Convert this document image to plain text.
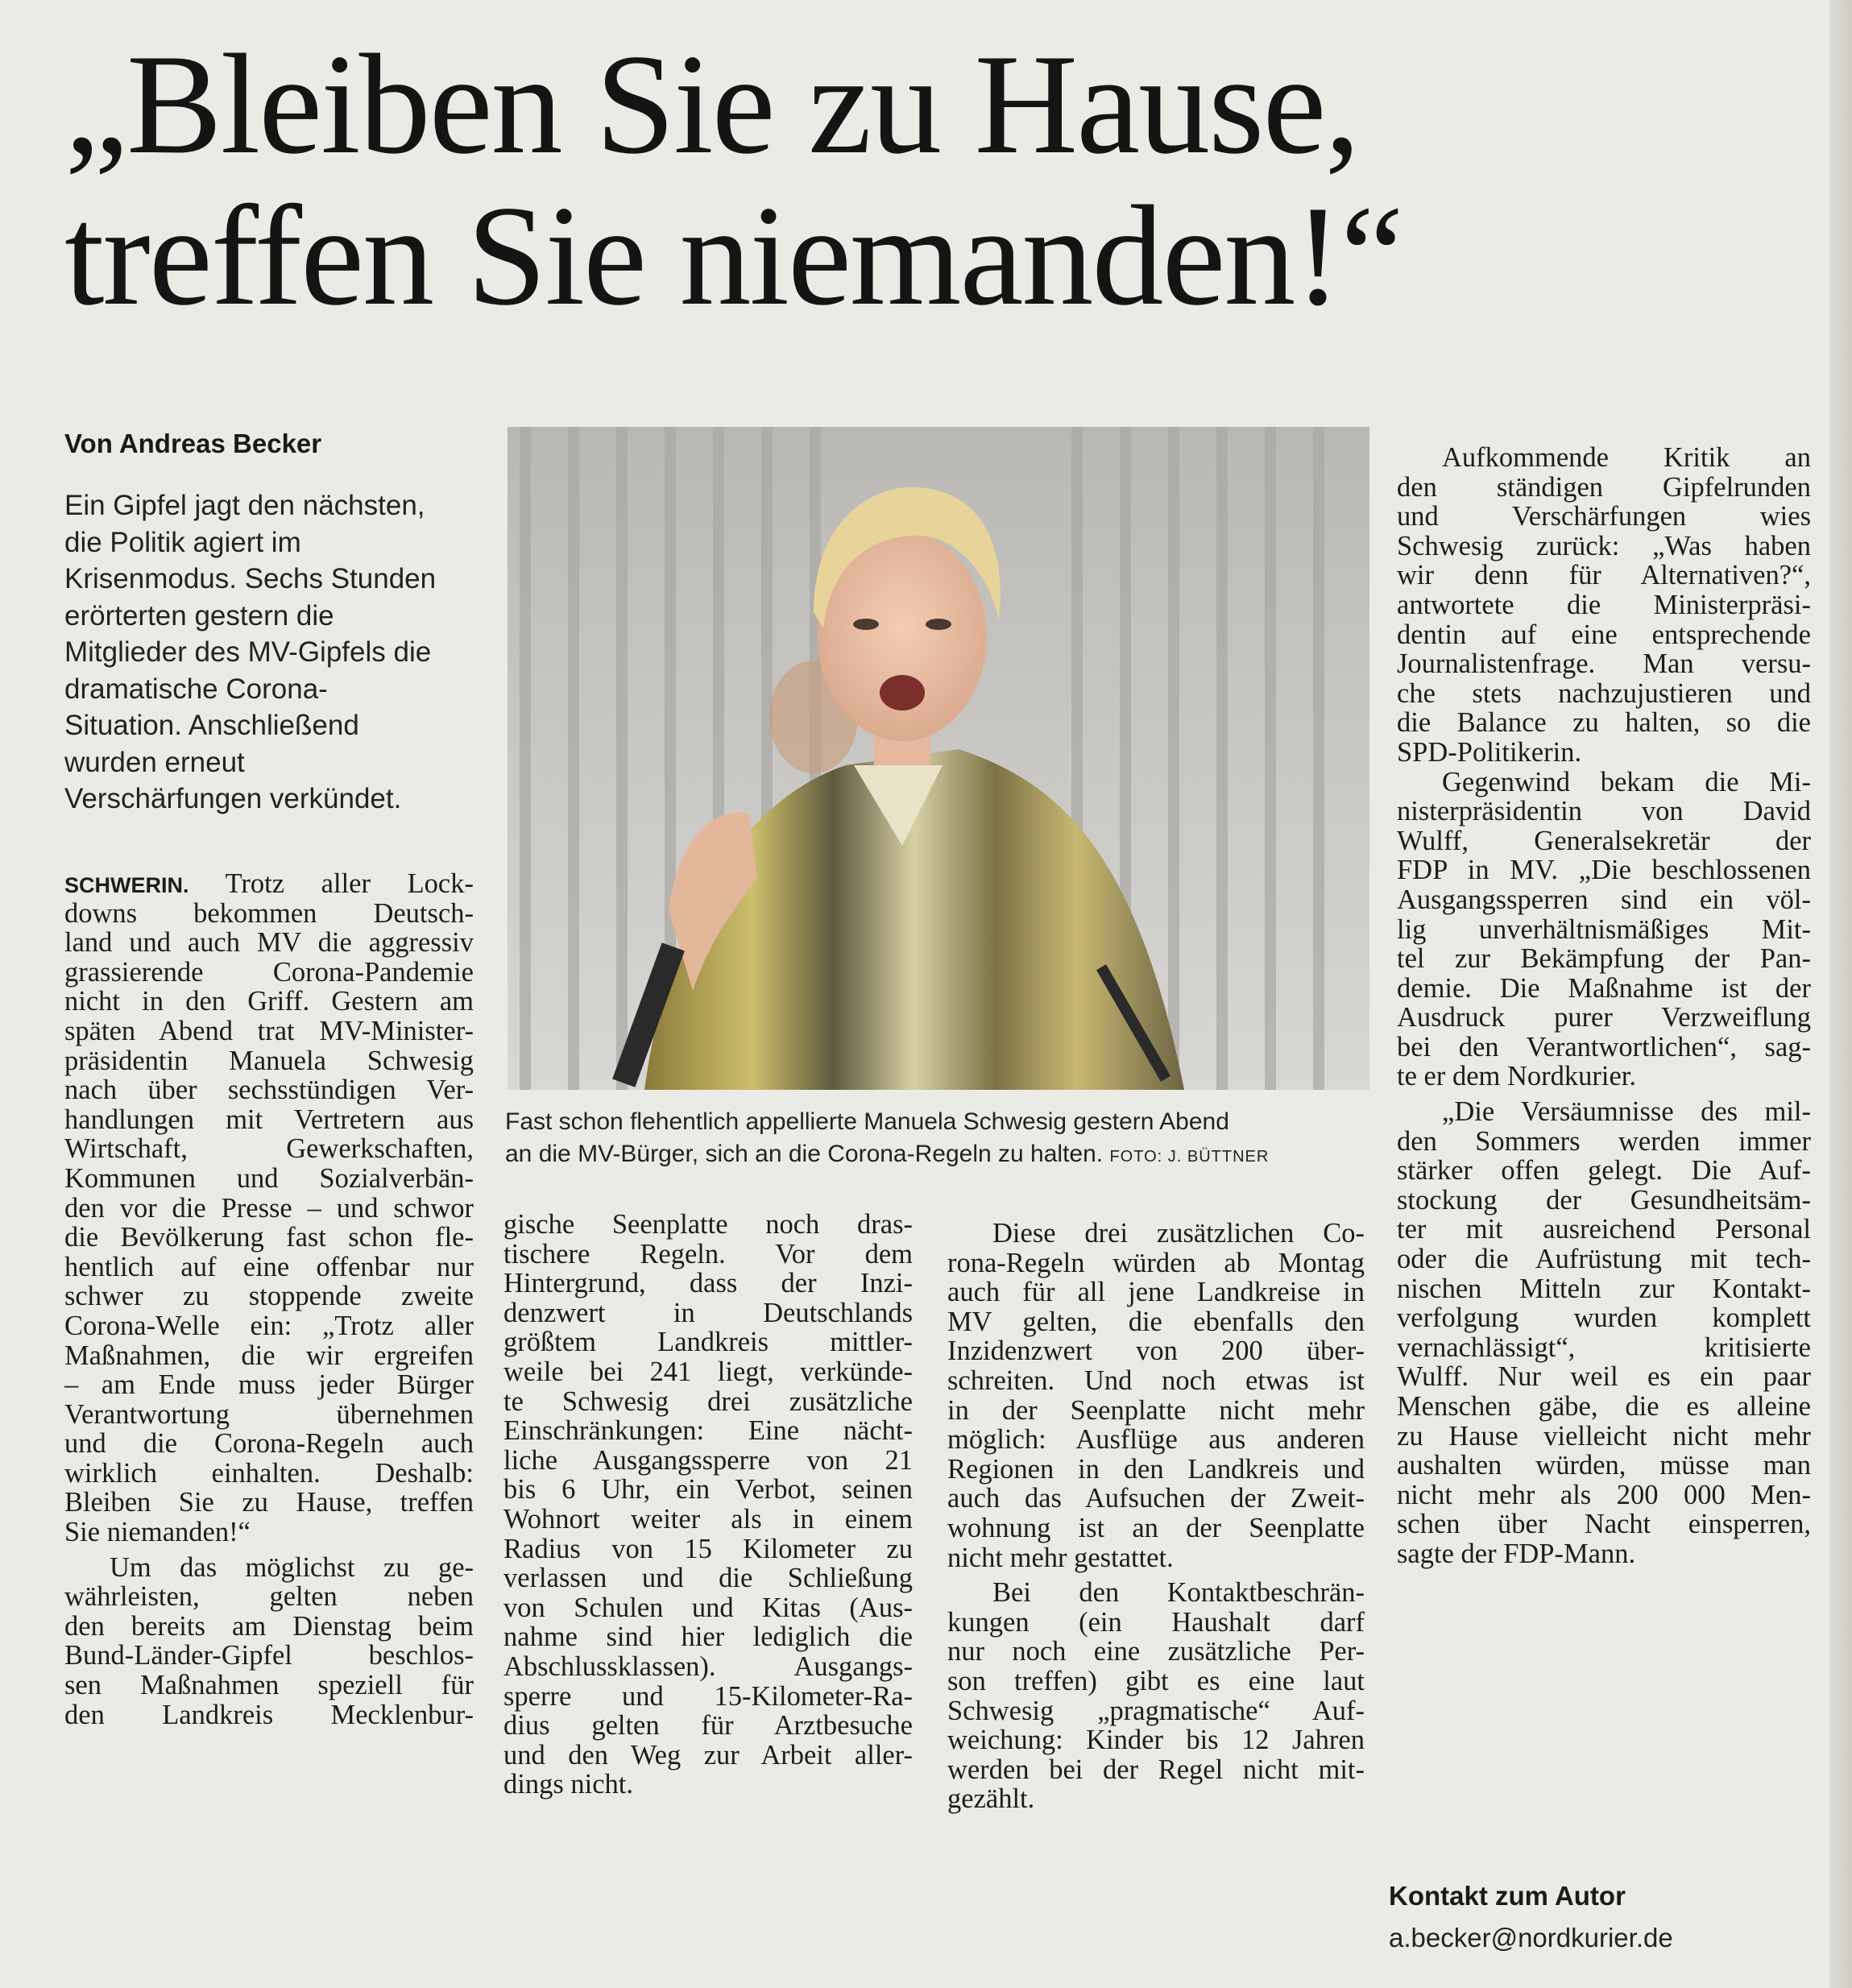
„Bleiben Sie zu Hause,
treffen Sie niemanden!“
Von Andreas Becker
Ein Gipfel jagt den nächsten,
die Politik agiert im
Krisenmodus. Sechs Stunden
erörterten gestern die
Mitglieder des MV-Gipfels die
dramatische Corona-
Situation. Anschließend
wurden erneut
Verschärfungen verkündet.
Fast schon flehentlich appellierte Manuela Schwesig gestern Abend
an die MV-Bürger, sich an die Corona-Regeln zu halten. FOTO: J. BÜTTNER
SCHWERIN. Trotz aller Lock-
downs bekommen Deutsch-
land und auch MV die aggressiv
grassierende Corona-Pandemie
nicht in den Griff. Gestern am
späten Abend trat MV-Minister-
präsidentin Manuela Schwesig
nach über sechsstündigen Ver-
handlungen mit Vertretern aus
Wirtschaft, Gewerkschaften,
Kommunen und Sozialverbän-
den vor die Presse – und schwor
die Bevölkerung fast schon fle-
hentlich auf eine offenbar nur
schwer zu stoppende zweite
Corona-Welle ein: „Trotz aller
Maßnahmen, die wir ergreifen
– am Ende muss jeder Bürger
Verantwortung übernehmen
und die Corona-Regeln auch
wirklich einhalten. Deshalb:
Bleiben Sie zu Hause, treffen
Sie niemanden!“
Um das möglichst zu ge-
währleisten, gelten neben
den bereits am Dienstag beim
Bund-Länder-Gipfel beschlos-
sen Maßnahmen speziell für
den Landkreis Mecklenbur-
gische Seenplatte noch dras-
tischere Regeln. Vor dem
Hintergrund, dass der Inzi-
denzwert in Deutschlands
größtem Landkreis mittler-
weile bei 241 liegt, verkünde-
te Schwesig drei zusätzliche
Einschränkungen: Eine nächt-
liche Ausgangssperre von 21
bis 6 Uhr, ein Verbot, seinen
Wohnort weiter als in einem
Radius von 15 Kilometer zu
verlassen und die Schließung
von Schulen und Kitas (Aus-
nahme sind hier lediglich die
Abschlussklassen). Ausgangs-
sperre und 15-Kilometer-Ra-
dius gelten für Arztbesuche
und den Weg zur Arbeit aller-
dings nicht.
Diese drei zusätzlichen Co-
rona-Regeln würden ab Montag
auch für all jene Landkreise in
MV gelten, die ebenfalls den
Inzidenzwert von 200 über-
schreiten. Und noch etwas ist
in der Seenplatte nicht mehr
möglich: Ausflüge aus anderen
Regionen in den Landkreis und
auch das Aufsuchen der Zweit-
wohnung ist an der Seenplatte
nicht mehr gestattet.
Bei den Kontaktbeschrän-
kungen (ein Haushalt darf
nur noch eine zusätzliche Per-
son treffen) gibt es eine laut
Schwesig „pragmatische“ Auf-
weichung: Kinder bis 12 Jahren
werden bei der Regel nicht mit-
gezählt.
Aufkommende Kritik an
den ständigen Gipfelrunden
und Verschärfungen wies
Schwesig zurück: „Was haben
wir denn für Alternativen?“,
antwortete die Ministerpräsi-
dentin auf eine entsprechende
Journalistenfrage. Man versu-
che stets nachzujustieren und
die Balance zu halten, so die
SPD-Politikerin.
Gegenwind bekam die Mi-
nisterpräsidentin von David
Wulff, Generalsekretär der
FDP in MV. „Die beschlossenen
Ausgangssperren sind ein völ-
lig unverhältnismäßiges Mit-
tel zur Bekämpfung der Pan-
demie. Die Maßnahme ist der
Ausdruck purer Verzweiflung
bei den Verantwortlichen“, sag-
te er dem Nordkurier.
„Die Versäumnisse des mil-
den Sommers werden immer
stärker offen gelegt. Die Auf-
stockung der Gesundheitsäm-
ter mit ausreichend Personal
oder die Aufrüstung mit tech-
nischen Mitteln zur Kontakt-
verfolgung wurden komplett
vernachlässigt“, kritisierte
Wulff. Nur weil es ein paar
Menschen gäbe, die es alleine
zu Hause vielleicht nicht mehr
aushalten würden, müsse man
nicht mehr als 200 000 Men-
schen über Nacht einsperren,
sagte der FDP-Mann.
Kontakt zum Autor
a.becker@nordkurier.de
